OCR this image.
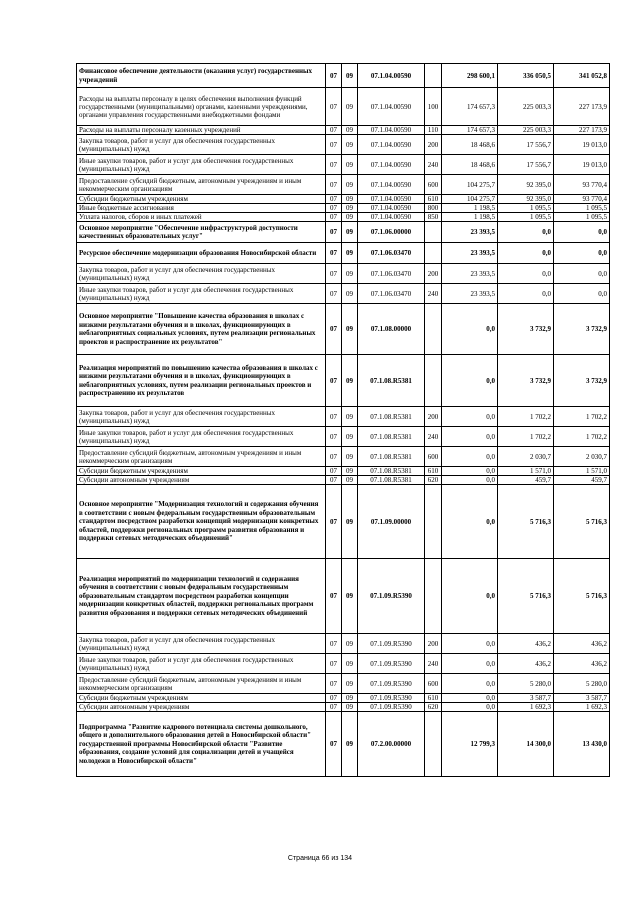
Финансовое обеспечение деятельности (оказания услуг) государственных учреждений	07	09	07.1.04.00590		298 600,1	336 050,5	341 052,8
Расходы на выплаты персоналу в целях обеспечения выполнения функций государственными (муниципальными) органами, казенными учреждениями, органами управления государственными внебюджетными фондами	07	09	07.1.04.00590	100	174 657,3	225 003,3	227 173,9
Расходы на выплаты персоналу казенных учреждений	07	09	07.1.04.00590	110	174 657,3	225 003,3	227 173,9
Закупка товаров, работ и услуг для обеспечения государственных (муниципальных) нужд	07	09	07.1.04.00590	200	18 468,6	17 556,7	19 013,0
Иные закупки товаров, работ и услуг для обеспечения государственных (муниципальных) нужд	07	09	07.1.04.00590	240	18 468,6	17 556,7	19 013,0
Предоставление субсидий бюджетным, автономным учреждениям и иным некоммерческим организациям	07	09	07.1.04.00590	600	104 275,7	92 395,0	93 770,4
Субсидии бюджетным учреждениям	07	09	07.1.04.00590	610	104 275,7	92 395,0	93 770,4
Иные бюджетные ассигнования	07	09	07.1.04.00590	800	1 198,5	1 095,5	1 095,5
Уплата налогов, сборов и иных платежей	07	09	07.1.04.00590	850	1 198,5	1 095,5	1 095,5
Основное мероприятие "Обеспечение инфраструктурой доступности качественных образовательных услуг"	07	09	07.1.06.00000		23 393,5	0,0	0,0
Ресурсное обеспечение модернизации образования Новосибирской области	07	09	07.1.06.03470		23 393,5	0,0	0,0
Закупка товаров, работ и услуг для обеспечения государственных (муниципальных) нужд	07	09	07.1.06.03470	200	23 393,5	0,0	0,0
Иные закупки товаров, работ и услуг для обеспечения государственных (муниципальных) нужд	07	09	07.1.06.03470	240	23 393,5	0,0	0,0
Основное мероприятие "Повышение качества образования в школах с низкими результатами обучения и в школах, функционирующих в неблагоприятных социальных условиях, путем реализации региональных проектов и распространение их результатов"	07	09	07.1.08.00000		0,0	3 732,9	3 732,9
Реализация мероприятий по повышению качества образования в школах с низкими результатами обучения и в школах, функционирующих в неблагоприятных условиях, путем реализации региональных проектов и распространению их результатов	07	09	07.1.08.R5381		0,0	3 732,9	3 732,9
Закупка товаров, работ и услуг для обеспечения государственных (муниципальных) нужд	07	09	07.1.08.R5381	200	0,0	1 702,2	1 702,2
Иные закупки товаров, работ и услуг для обеспечения государственных (муниципальных) нужд	07	09	07.1.08.R5381	240	0,0	1 702,2	1 702,2
Предоставление субсидий бюджетным, автономным учреждениям и иным некоммерческим организациям	07	09	07.1.08.R5381	600	0,0	2 030,7	2 030,7
Субсидии бюджетным учреждениям	07	09	07.1.08.R5381	610	0,0	1 571,0	1 571,0
Субсидии автономным учреждениям	07	09	07.1.08.R5381	620	0,0	459,7	459,7
Основное мероприятие "Модернизация технологий и содержания обучения в соответствии с новым федеральным государственным образовательным стандартом посредством разработки концепций модернизации конкретных областей, поддержки региональных программ развития образования и поддержки сетевых методических объединений"	07	09	07.1.09.00000		0,0	5 716,3	5 716,3
Реализация мероприятий по модернизации технологий и содержания обучения в соответствии с новым федеральным государственным образовательным стандартом посредством разработки концепции модернизации конкретных областей, поддержки региональных программ развития образования и поддержки сетевых методических объединений	07	09	07.1.09.R5390		0,0	5 716,3	5 716,3
Закупка товаров, работ и услуг для обеспечения государственных (муниципальных) нужд	07	09	07.1.09.R5390	200	0,0	436,2	436,2
Иные закупки товаров, работ и услуг для обеспечения государственных (муниципальных) нужд	07	09	07.1.09.R5390	240	0,0	436,2	436,2
Предоставление субсидий бюджетным, автономным учреждениям и иным некоммерческим организациям	07	09	07.1.09.R5390	600	0,0	5 280,0	5 280,0
Субсидии бюджетным учреждениям	07	09	07.1.09.R5390	610	0,0	3 587,7	3 587,7
Субсидии автономным учреждениям	07	09	07.1.09.R5390	620	0,0	1 692,3	1 692,3
Подпрограмма "Развитие кадрового потенциала системы дошкольного, общего и дополнительного образования детей в Новосибирской области" государственной программы Новосибирской области "Развитие образования, создание условий для социализации детей и учащейся молодежи в Новосибирской области"	07	09	07.2.00.00000		12 799,3	14 300,0	13 430,0
Страница 66 из 134
